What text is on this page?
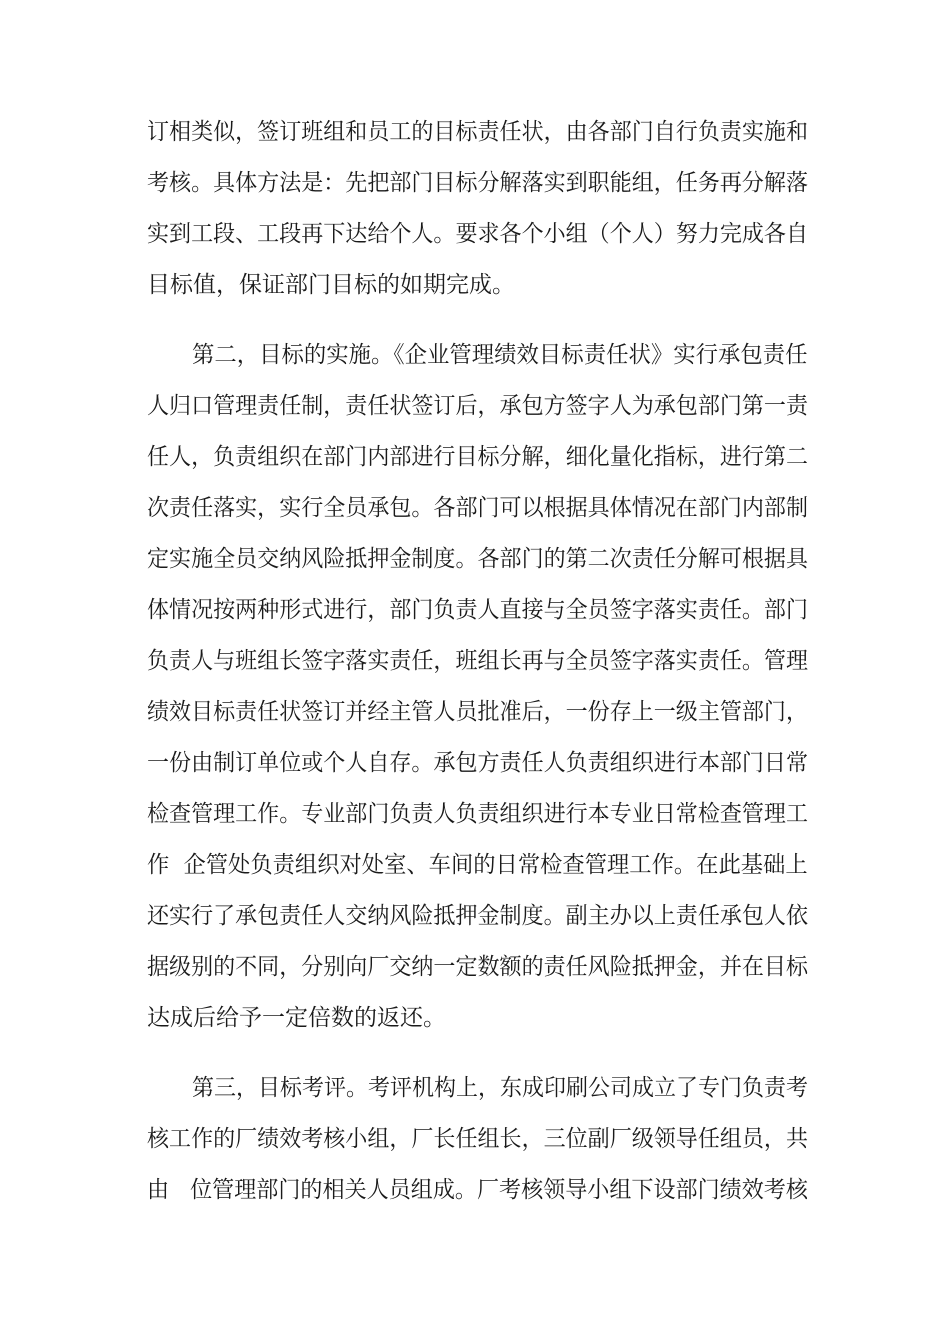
订相类似，签订班组和员工的目标责任状，由各部门自行负责实施和
考核。具体方法是：先把部门目标分解落实到职能组，任务再分解落
实到工段、工段再下达给个人。要求各个小组（个人）努力完成各自
目标值，保证部门目标的如期完成。
第二，目标的实施。《企业管理绩效目标责任状》实行承包责任
人归口管理责任制，责任状签订后，承包方签字人为承包部门第一责
任人，负责组织在部门内部进行目标分解，细化量化指标，进行第二
次责任落实，实行全员承包。各部门可以根据具体情况在部门内部制
定实施全员交纳风险抵押金制度。各部门的第二次责任分解可根据具
体情况按两种形式进行，部门负责人直接与全员签字落实责任。部门
负责人与班组长签字落实责任，班组长再与全员签字落实责任。管理
绩效目标责任状签订并经主管人员批准后，一份存上一级主管部门，
一份由制订单位或个人自存。承包方责任人负责组织进行本部门日常
检查管理工作。专业部门负责人负责组织进行本专业日常检查管理工
作  企管处负责组织对处室、车间的日常检查管理工作。在此基础上
还实行了承包责任人交纳风险抵押金制度。副主办以上责任承包人依
据级别的不同，分别向厂交纳一定数额的责任风险抵押金，并在目标
达成后给予一定倍数的返还。
第三，目标考评。考评机构上，东成印刷公司成立了专门负责考
核工作的厂绩效考核小组，厂长任组长，三位副厂级领导任组员，共
由   位管理部门的相关人员组成。厂考核领导小组下设部门绩效考核
